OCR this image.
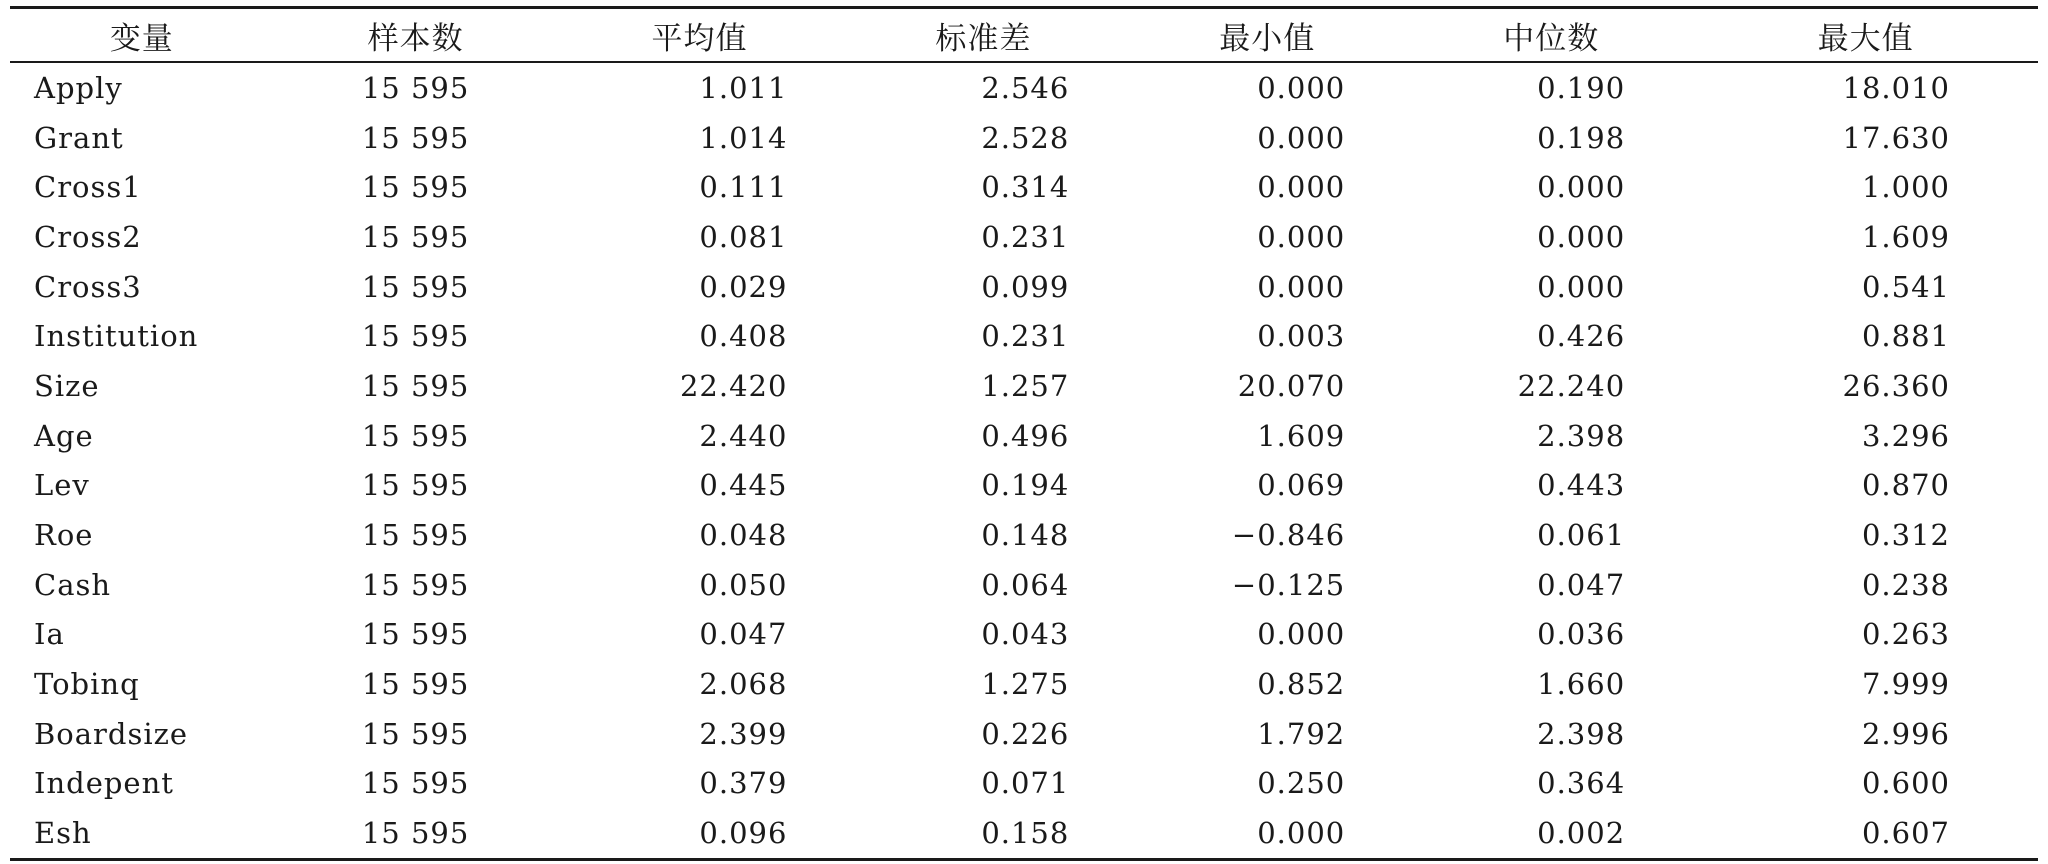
变量	样本数	平均值	标准差	最小值	中位数	最大值
Apply	15 595	1.011	2.546	0.000	0.190	18.010
Grant	15 595	1.014	2.528	0.000	0.198	17.630
Cross1	15 595	0.111	0.314	0.000	0.000	1.000
Cross2	15 595	0.081	0.231	0.000	0.000	1.609
Cross3	15 595	0.029	0.099	0.000	0.000	0.541
Institution	15 595	0.408	0.231	0.003	0.426	0.881
Size	15 595	22.420	1.257	20.070	22.240	26.360
Age	15 595	2.440	0.496	1.609	2.398	3.296
Lev	15 595	0.445	0.194	0.069	0.443	0.870
Roe	15 595	0.048	0.148	−0.846	0.061	0.312
Cash	15 595	0.050	0.064	−0.125	0.047	0.238
Ia	15 595	0.047	0.043	0.000	0.036	0.263
Tobinq	15 595	2.068	1.275	0.852	1.660	7.999
Boardsize	15 595	2.399	0.226	1.792	2.398	2.996
Indepent	15 595	0.379	0.071	0.250	0.364	0.600
Esh	15 595	0.096	0.158	0.000	0.002	0.607
